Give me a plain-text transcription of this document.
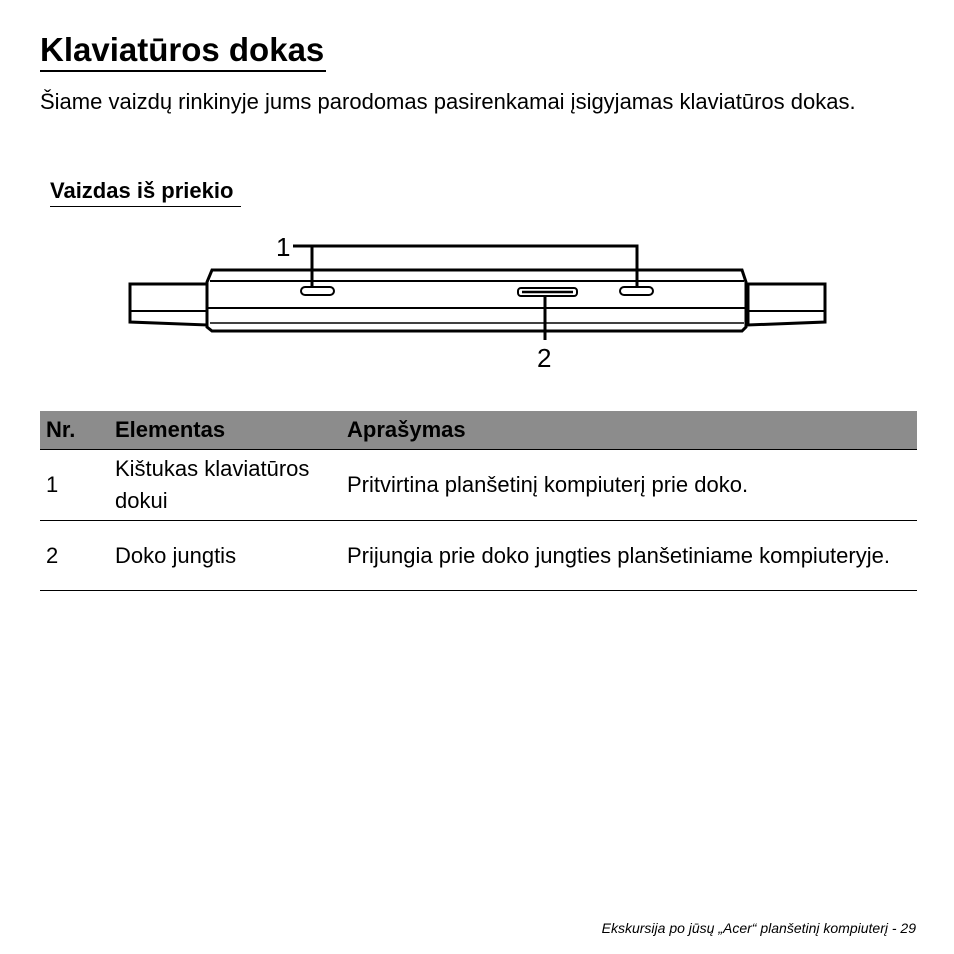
Klaviatūros dokas

Šiame vaizdų rinkinyje jums parodomas pasirenkamai įsigyjamas klaviatūros dokas.

Vaizdas iš priekio
1
2
Nr.	Elementas	Aprašymas
1	Kištukas klaviatūros dokui	Pritvirtina planšetinį kompiuterį prie doko.
2	Doko jungtis	Prijungia prie doko jungties planšetiniame kompiuteryje.
Ekskursija po jūsų „Acer“ planšetinį kompiuterį - 29
